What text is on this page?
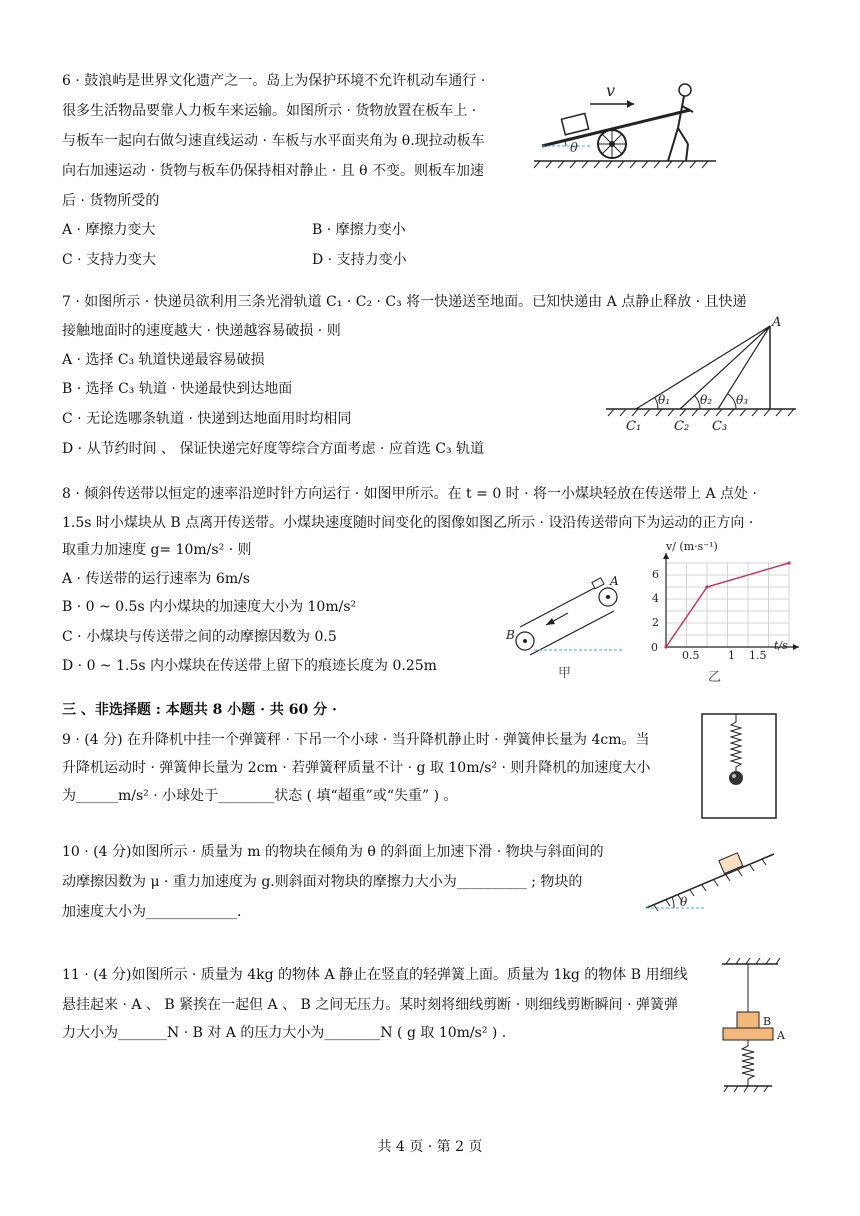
6 · 鼓浪屿是世界文化遗产之一。岛上为保护环境不允许机动车通行 ·
很多生活物品要靠人力板车来运输。如图所示 · 货物放置在板车上 ·
与板车一起向右做匀速直线运动 · 车板与水平面夹角为 θ.现拉动板车
向右加速运动 · 货物与板车仍保持相对静止 · 且 θ 不变。则板车加速
后 · 货物所受的
A · 摩擦力变大	B · 摩擦力变小
C · 支持力变大	D · 支持力变小
θ
v
7 · 如图所示 · 快递员欲利用三条光滑轨道 C₁ · C₂ · C₃ 将一快递送至地面。已知快递由 A 点静止释放 · 且快递
接触地面时的速度越大 · 快递越容易破损 · 则
A · 选择 C₃ 轨道快递最容易破损
B · 选择 C₃ 轨道 · 快递最快到达地面
C · 无论选哪条轨道 · 快递到达地面用时均相同
D · 从节约时间 、 保证快递完好度等综合方面考虑 · 应首选 C₃ 轨道
A
θ₁ θ₂ θ₃
C₁	C₂ C₃
8 · 倾斜传送带以恒定的速率沿逆时针方向运行 · 如图甲所示。在 t = 0 时 · 将一小煤块轻放在传送带上 A 点处 ·
1.5s 时小煤块从 B 点离开传送带。小煤块速度随时间变化的图像如图乙所示 · 设沿传送带向下为运动的正方向 ·
取重力加速度 g= 10m/s² · 则
A · 传送带的运行速率为 6m/s
B · 0 ~ 0.5s 内小煤块的加速度大小为 10m/s²
C · 小煤块与传送带之间的动摩擦因数为 0.5
D · 0 ~ 1.5s 内小煤块在传送带上留下的痕迹长度为 0.25m
A
B
甲
v/ (m·s⁻¹)
t/s
0
0.5	1 1.5
2
4
6
乙
三 、非选择题 : 本题共 8 小题 · 共 60 分 ·
9 · (4 分) 在升降机中挂一个弹簧秤 · 下吊一个小球 · 当升降机静止时 · 弹簧伸长量为 4cm。当
升降机运动时 · 弹簧伸长量为 2cm · 若弹簧秤质量不计 · g 取 10m/s² · 则升降机的加速度大小
为______m/s² · 小球处于________状态 ( 填“超重”或“失重” ) 。
10 · (4 分)如图所示 · 质量为 m 的物块在倾角为 θ 的斜面上加速下滑 · 物块与斜面间的
动摩擦因数为 μ · 重力加速度为 g.则斜面对物块的摩擦力大小为__________ ; 物块的
加速度大小为_____________.
θ
11 · (4 分)如图所示 · 质量为 4kg 的物体 A 静止在竖直的轻弹簧上面。质量为 1kg 的物体 B 用细线
悬挂起来 · A 、 B 紧挨在一起但 A 、 B 之间无压力。某时刻将细线剪断 · 则细线剪断瞬间 · 弹簧弹
力大小为_______N · B 对 A 的压力大小为________N ( g 取 10m/s² ) .
B
A
共 4 页 · 第 2 页
